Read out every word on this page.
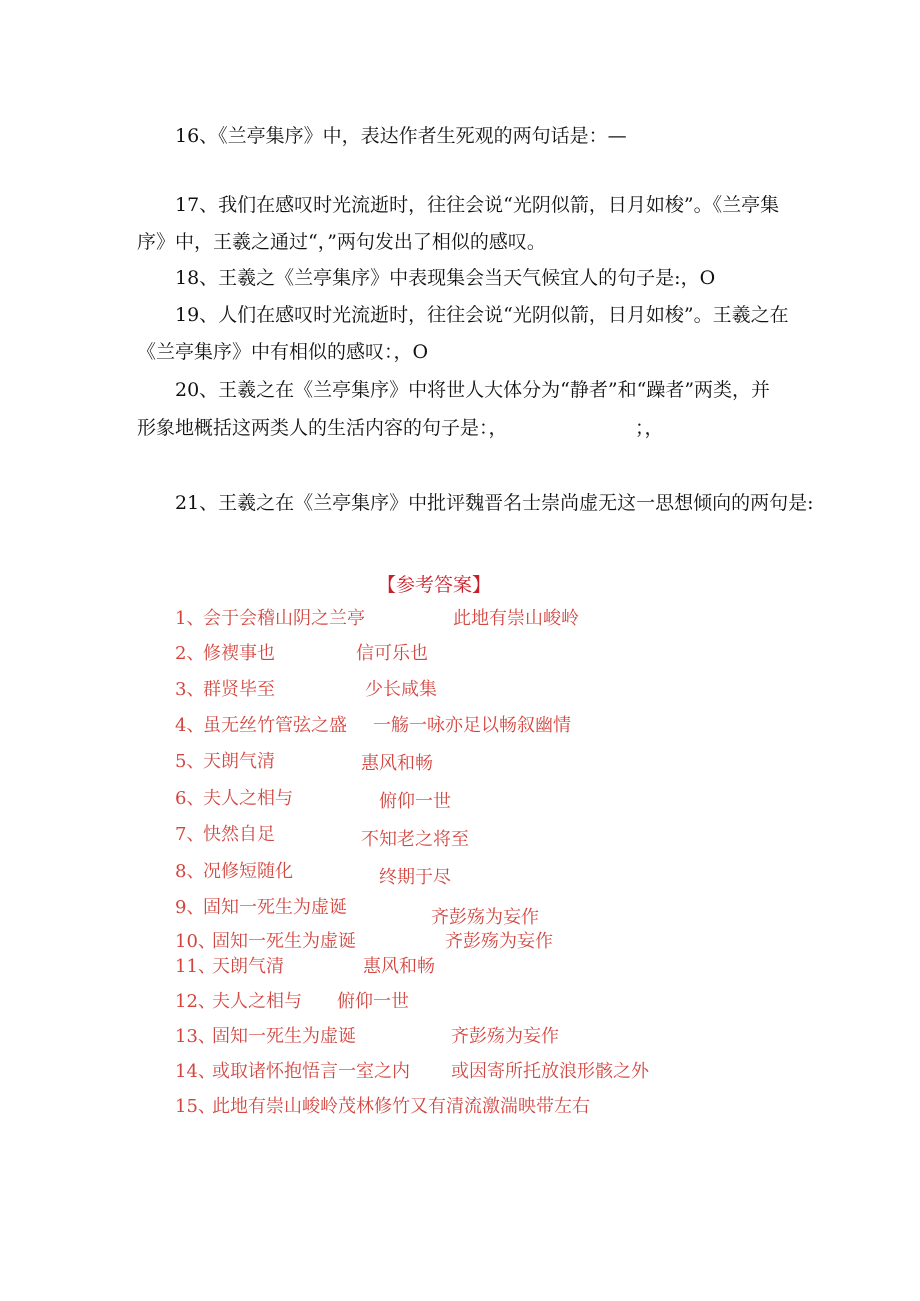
16、《兰亭集序》中，表达作者生死观的两句话是：—
17、我们在感叹时光流逝时，往往会说“光阴似箭，日月如梭”。《兰亭集
序》中，王羲之通过“，”两句发出了相似的感叹。
18、王羲之《兰亭集序》中表现集会当天气候宜人的句子是:，O
19、人们在感叹时光流逝时，往往会说“光阴似箭，日月如梭”。王羲之在
《兰亭集序》中有相似的感叹：，O
20、王羲之在《兰亭集序》中将世人大体分为“静者”和“躁者”两类，并
形象地概括这两类人的生活内容的句子是：，	；，
21、王羲之在《兰亭集序》中批评魏晋名士崇尚虚无这一思想倾向的两句是:
【参考答案】
1、
会于会稽山阴之兰亭	此地有崇山峻岭
2、
修褉事也	信可乐也
3、
群贤毕至	少长咸集
4、
虽无丝竹管弦之盛 一觞一咏亦足以畅叙幽情
5、
天朗气清	惠风和畅
6、
夫人之相与	俯仰一世
7、
快然自足	不知老之将至
8、
况修短随化	终期于尽
9、
固知一死生为虚诞	齐彭殇为妄作
10、
固知一死生为虚诞	齐彭殇为妄作
11、
天朗气清	惠风和畅
12、
夫人之相与 俯仰一世
13、
固知一死生为虚诞	齐彭殇为妄作
14、
或取诸怀抱悟言一室之内 或因寄所托放浪形骸之外
15、
此地有崇山峻岭茂林修竹又有清流激湍映带左右
